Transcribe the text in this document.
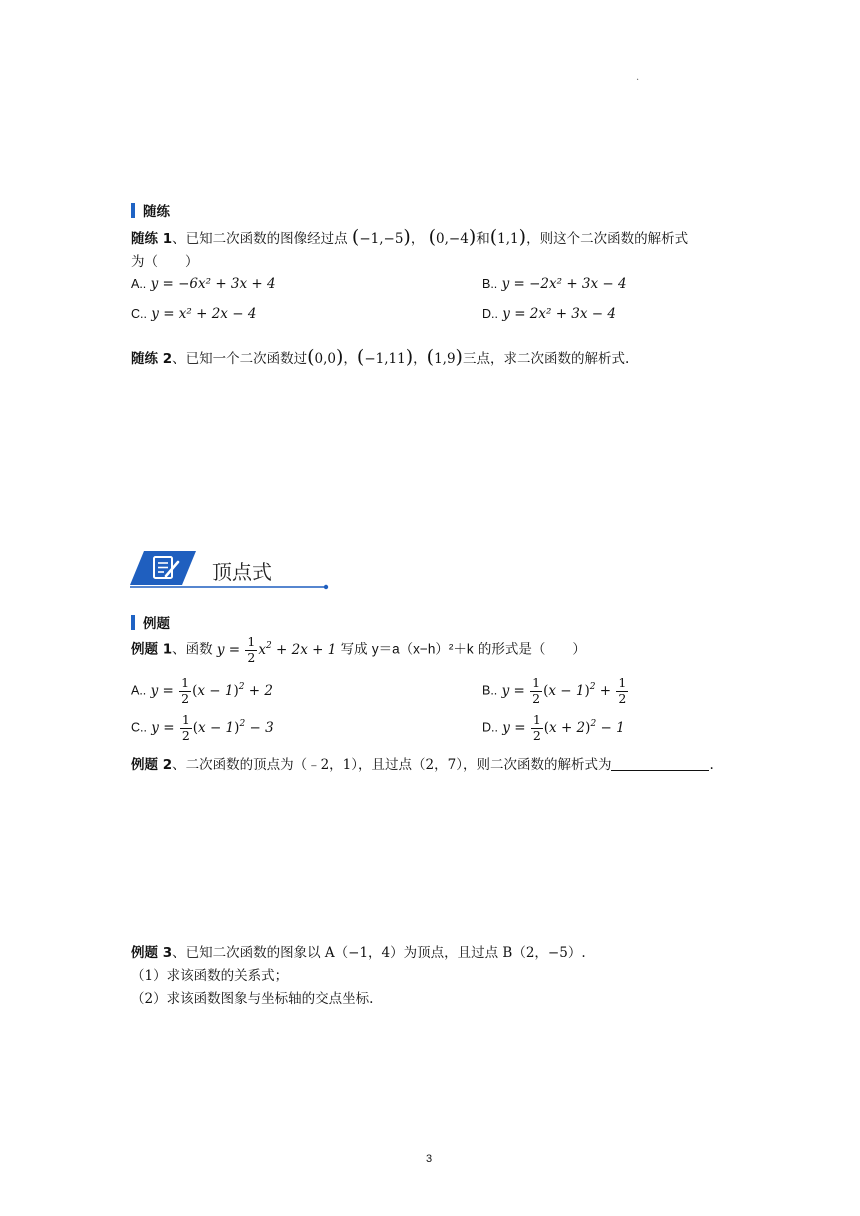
.
随练
随练 1、已知二次函数的图像经过点 (−1,−5)， (0,−4)和(1,1)，则这个二次函数的解析式
为（　　）
A.. y = −6x² + 3x + 4	B.. y = −2x² + 3x − 4
C.. y = x² + 2x − 4	D.. y = 2x² + 3x − 4
随练 2、已知一个二次函数过(0,0)，(−1,11)，(1,9)三点，求二次函数的解析式.
顶点式
例题
例题 1、函数 $y = \frac{1}{2} x^2 + 2x + 1$ 写成 y＝a（x−h）²＋k 的形式是（　　）
A.. $y = \frac{1}{2} (x - 1)^2 + 2$	B.. $y = \frac{1}{2} (x - 1)^2 + \frac{1}{2}$
C.. $y = \frac{1}{2} (x - 1)^2 - 3$	D.. $y = \frac{1}{2} (x + 2)^2 - 1$
例题 2、二次函数的顶点为（﹣2，1），且过点（2，7），则二次函数的解析式为	.
例题 3、已知二次函数的图象以 A（−1，4）为顶点，且过点 B（2，−5）.
（1）求该函数的关系式；
（2）求该函数图象与坐标轴的交点坐标.
3
